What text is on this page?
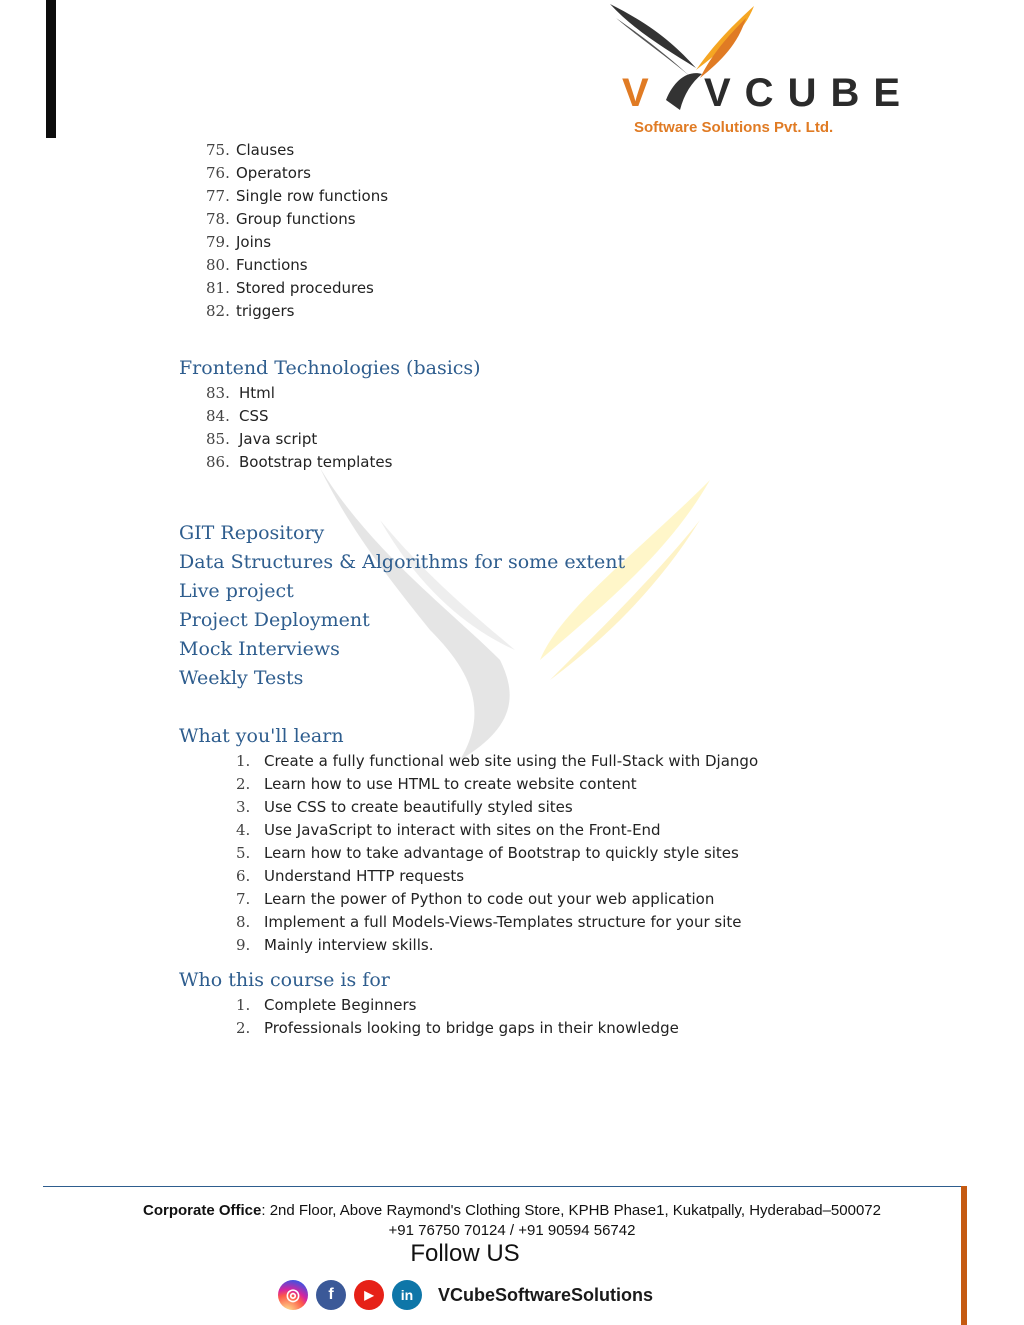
V VCUBE
Software Solutions Pvt. Ltd.
75. Clauses
76. Operators
77. Single row functions
78. Group functions
79. Joins
80. Functions
81. Stored procedures
82. triggers
Frontend Technologies (basics)
83. Html
84. CSS
85. Java script
86. Bootstrap templates
GIT Repository
Data Structures & Algorithms for some extent
Live project
Project Deployment
Mock Interviews
Weekly Tests
What you'll learn
1. Create a fully functional web site using the Full-Stack with Django
2. Learn how to use HTML to create website content
3. Use CSS to create beautifully styled sites
4. Use JavaScript to interact with sites on the Front-End
5. Learn how to take advantage of Bootstrap to quickly style sites
6. Understand HTTP requests
7. Learn the power of Python to code out your web application
8. Implement a full Models-Views-Templates structure for your site
9. Mainly interview skills.
Who this course is for
1. Complete Beginners
2. Professionals looking to bridge gaps in their knowledge
Corporate Office: 2nd Floor, Above Raymond's Clothing Store, KPHB Phase1, Kukatpally, Hyderabad–500072
+91 76750 70124 / +91 90594 56742
Follow US
◎	f	▶	in	VCubeSoftwareSolutions
